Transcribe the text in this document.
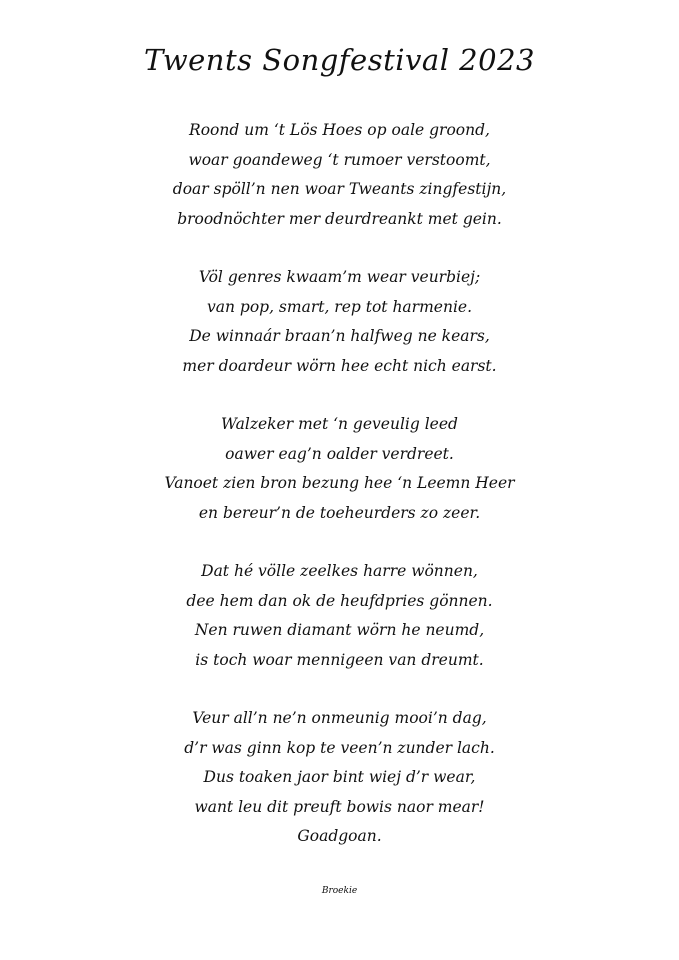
Twents Songfestival 2023
Roond um ‘t Lös Hoes op oale groond,
woar goandeweg ‘t rumoer verstoomt,
doar spöll’n nen woar Tweants zingfestijn,
broodnöchter mer deurdreankt met gein.
Völ genres kwaam’m wear veurbiej;
van pop, smart, rep tot harmenie.
De winnaár braan’n halfweg ne kears,
mer doardeur wörn hee echt nich earst.
Walzeker met ‘n geveulig leed
oawer eag’n oalder verdreet.
Vanoet zien bron bezung hee ‘n Leemn Heer
en bereur’n de toeheurders zo zeer.
Dat hé völle zeelkes harre wönnen,
dee hem dan ok de heufdpries gönnen.
Nen ruwen diamant wörn he neumd,
is toch woar mennigeen van dreumt.
Veur all’n ne’n onmeunig mooi’n dag,
d’r was ginn kop te veen’n zunder lach.
Dus toaken jaor bint wiej d’r wear,
want leu dit preuft bowis naor mear!
Goadgoan.
Broekie
